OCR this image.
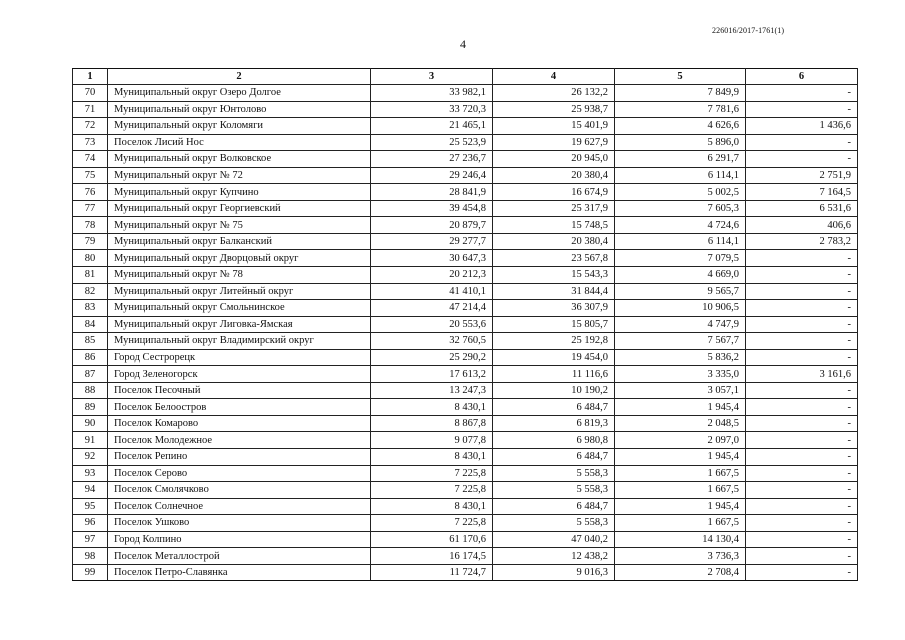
226016/2017-1761(1)
4
1	2	3	4	5	6
70	Муниципальный округ Озеро Долгое	33 982,1	26 132,2	7 849,9	-
71	Муниципальный округ Юнтолово	33 720,3	25 938,7	7 781,6	-
72	Муниципальный округ Коломяги	21 465,1	15 401,9	4 626,6	1 436,6
73	Поселок Лисий Нос	25 523,9	19 627,9	5 896,0	-
74	Муниципальный округ Волковское	27 236,7	20 945,0	6 291,7	-
75	Муниципальный округ № 72	29 246,4	20 380,4	6 114,1	2 751,9
76	Муниципальный округ Купчино	28 841,9	16 674,9	5 002,5	7 164,5
77	Муниципальный округ Георгиевский	39 454,8	25 317,9	7 605,3	6 531,6
78	Муниципальный округ № 75	20 879,7	15 748,5	4 724,6	406,6
79	Муниципальный округ Балканский	29 277,7	20 380,4	6 114,1	2 783,2
80	Муниципальный округ Дворцовый округ	30 647,3	23 567,8	7 079,5	-
81	Муниципальный округ № 78	20 212,3	15 543,3	4 669,0	-
82	Муниципальный округ Литейный округ	41 410,1	31 844,4	9 565,7	-
83	Муниципальный округ Смольнинское	47 214,4	36 307,9	10 906,5	-
84	Муниципальный округ Лиговка-Ямская	20 553,6	15 805,7	4 747,9	-
85	Муниципальный округ Владимирский округ	32 760,5	25 192,8	7 567,7	-
86	Город Сестрорецк	25 290,2	19 454,0	5 836,2	-
87	Город Зеленогорск	17 613,2	11 116,6	3 335,0	3 161,6
88	Поселок Песочный	13 247,3	10 190,2	3 057,1	-
89	Поселок Белоостров	8 430,1	6 484,7	1 945,4	-
90	Поселок Комарово	8 867,8	6 819,3	2 048,5	-
91	Поселок Молодежное	9 077,8	6 980,8	2 097,0	-
92	Поселок Репино	8 430,1	6 484,7	1 945,4	-
93	Поселок Серово	7 225,8	5 558,3	1 667,5	-
94	Поселок Смолячково	7 225,8	5 558,3	1 667,5	-
95	Поселок Солнечное	8 430,1	6 484,7	1 945,4	-
96	Поселок Ушково	7 225,8	5 558,3	1 667,5	-
97	Город Колпино	61 170,6	47 040,2	14 130,4	-
98	Поселок Металлострой	16 174,5	12 438,2	3 736,3	-
99	Поселок Петро-Славянка	11 724,7	9 016,3	2 708,4	-
